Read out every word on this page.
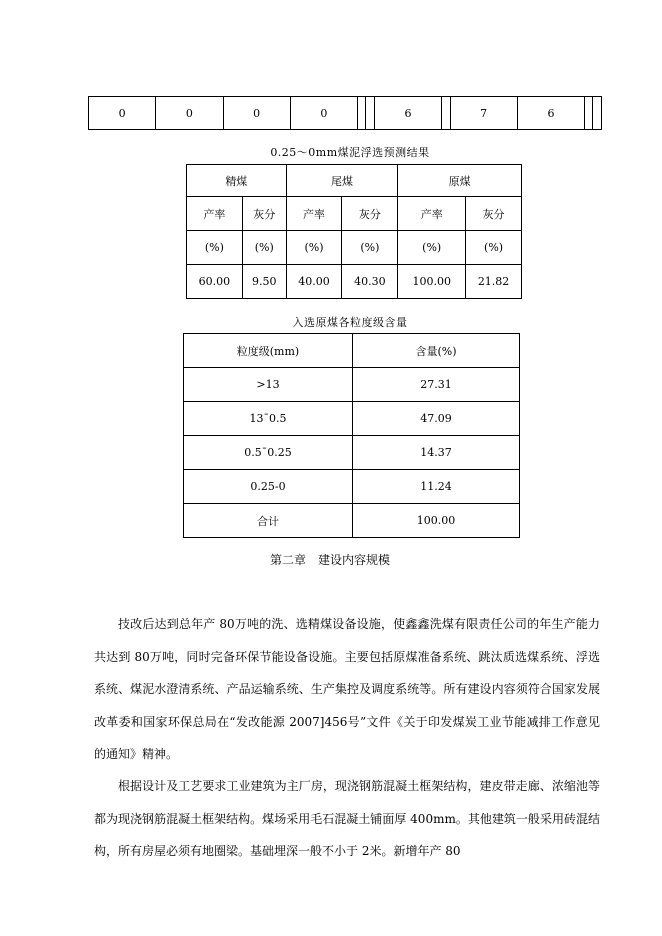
0	0	0	0			6		7	6		
0.25～0mm煤泥浮选预测结果
精煤		尾煤		原煤	
产率	灰分	产率	灰分	产率	灰分
(%)	(%)	(%)	(%)	(%)	(%)
60.00	9.50	40.00	40.30	100.00	21.82
入选原煤各粒度级含量
粒度级(mm)	含量(%)
>13	27.31
13¯0.5	47.09
0.5¯0.25	14.37
0.25-0	11.24
合计	100.00
第二章　建设内容规模

技改后达到总年产 80万吨的洗、选精煤设备设施，使鑫鑫洗煤有限责任公司的年生产能力共达到 80万吨，同时完备环保节能设备设施。主要包括原煤准备系统、跳汰质选煤系统、浮选系统、煤泥水澄清系统、产品运输系统、生产集控及调度系统等。所有建设内容须符合国家发展改革委和国家环保总局在“发改能源 2007]456号”文件《关于印发煤炭工业节能减排工作意见的通知》精神。

根据设计及工艺要求工业建筑为主厂房，现浇钢筋混凝土框架结构，建皮带走廊、浓缩池等都为现浇钢筋混凝土框架结构。煤场采用毛石混凝土铺面厚 400mm。其他建筑一般采用砖混结构，所有房屋必须有地圈梁。基础埋深一般不小于 2米。新增年产 80
